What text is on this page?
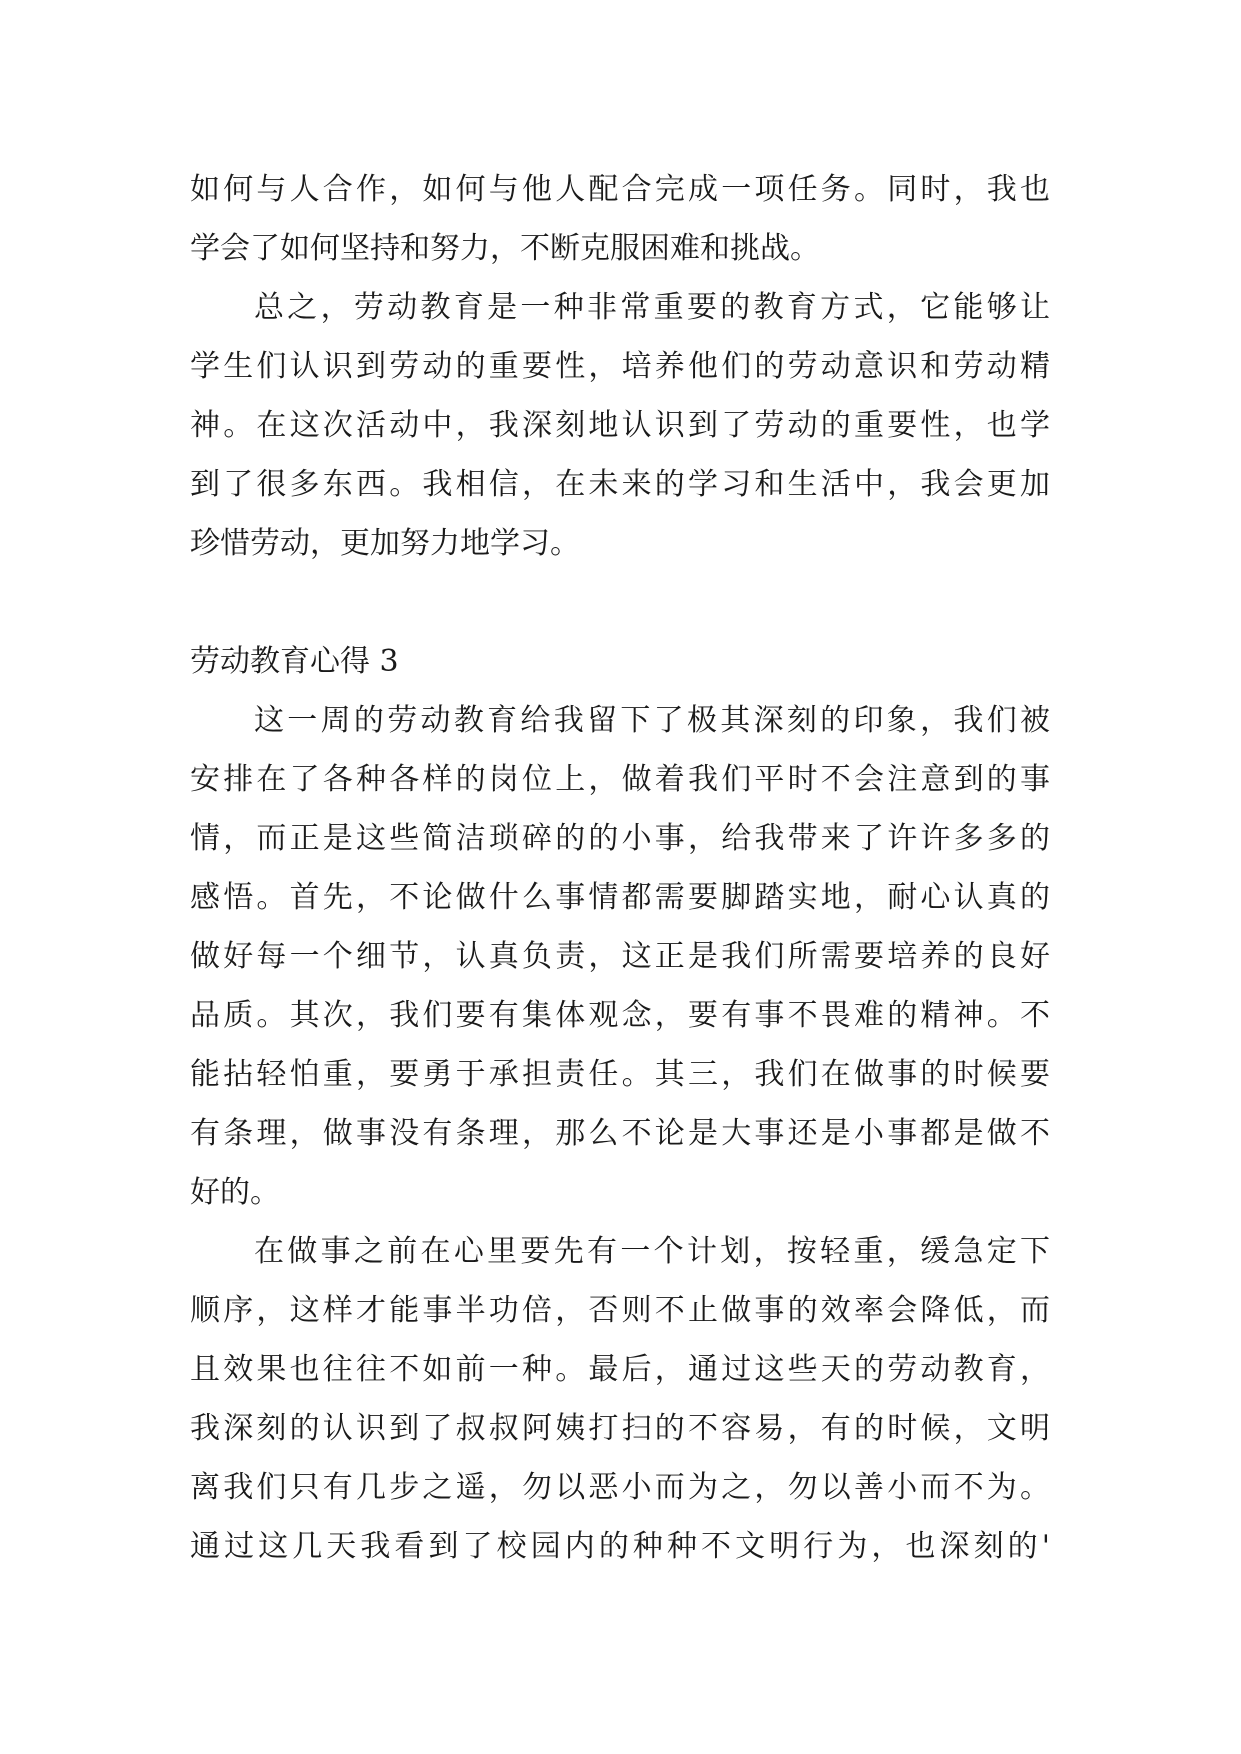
如何与人合作，如何与他人配合完成一项任务。同时，我也
学会了如何坚持和努力，不断克服困难和挑战。
总之，劳动教育是一种非常重要的教育方式，它能够让
学生们认识到劳动的重要性，培养他们的劳动意识和劳动精
神。在这次活动中，我深刻地认识到了劳动的重要性，也学
到了很多东西。我相信，在未来的学习和生活中，我会更加
珍惜劳动，更加努力地学习。
劳动教育心得 3
这一周的劳动教育给我留下了极其深刻的印象，我们被
安排在了各种各样的岗位上，做着我们平时不会注意到的事
情，而正是这些简洁琐碎的的小事，给我带来了许许多多的
感悟。首先，不论做什么事情都需要脚踏实地，耐心认真的
做好每一个细节，认真负责，这正是我们所需要培养的良好
品质。其次，我们要有集体观念，要有事不畏难的精神。不
能拈轻怕重，要勇于承担责任。其三，我们在做事的时候要
有条理，做事没有条理，那么不论是大事还是小事都是做不
好的。
在做事之前在心里要先有一个计划，按轻重，缓急定下
顺序，这样才能事半功倍，否则不止做事的效率会降低，而
且效果也往往不如前一种。最后，通过这些天的劳动教育，
我深刻的认识到了叔叔阿姨打扫的不容易，有的时候，文明
离我们只有几步之遥，勿以恶小而为之，勿以善小而不为。
通过这几天我看到了校园内的种种不文明行为，也深刻的'
